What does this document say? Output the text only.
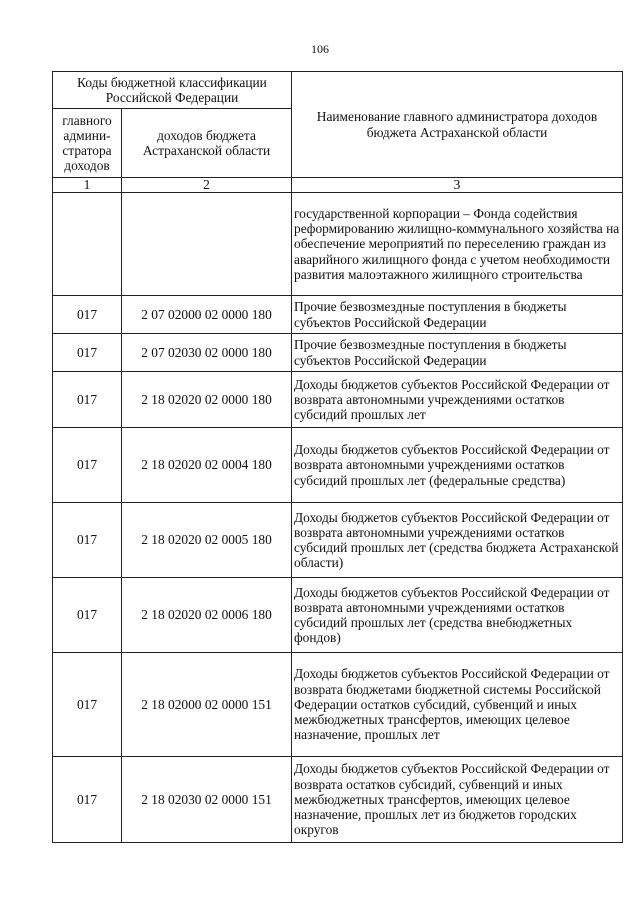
106
Коды бюджетной классификации Российской Федерации		Наименование главного администратора доходов бюджета Астраханской области
главного админи-стратора доходов	доходов бюджета Астраханской области	
1	2	3
		государственной корпорации – Фонда содействия реформированию жилищно-коммунального хозяйства на обеспечение мероприятий по переселению граждан из аварийного жилищного фонда с учетом необходимости развития малоэтажного жилищного строительства
017	2 07 02000 02 0000 180	Прочие безвозмездные поступления в бюджеты субъектов Российской Федерации
017	2 07 02030 02 0000 180	Прочие безвозмездные поступления в бюджеты субъектов Российской Федерации
017	2 18 02020 02 0000 180	Доходы бюджетов субъектов Российской Федерации от возврата автономными учреждениями остатков субсидий прошлых лет
017	2 18 02020 02 0004 180	Доходы бюджетов субъектов Российской Федерации от возврата автономными учреждениями остатков субсидий прошлых лет (федеральные средства)
017	2 18 02020 02 0005 180	Доходы бюджетов субъектов Российской Федерации от возврата автономными учреждениями остатков субсидий прошлых лет (средства бюджета Астраханской области)
017	2 18 02020 02 0006 180	Доходы бюджетов субъектов Российской Федерации от возврата автономными учреждениями остатков субсидий прошлых лет (средства внебюджетных фондов)
017	2 18 02000 02 0000 151	Доходы бюджетов субъектов Российской Федерации от возврата бюджетами бюджетной системы Российской Федерации остатков субсидий, субвенций и иных межбюджетных трансфертов, имеющих целевое назначение, прошлых лет
017	2 18 02030 02 0000 151	Доходы бюджетов субъектов Российской Федерации от возврата остатков субсидий, субвенций и иных межбюджетных трансфертов, имеющих целевое назначение, прошлых лет из бюджетов городских округов
